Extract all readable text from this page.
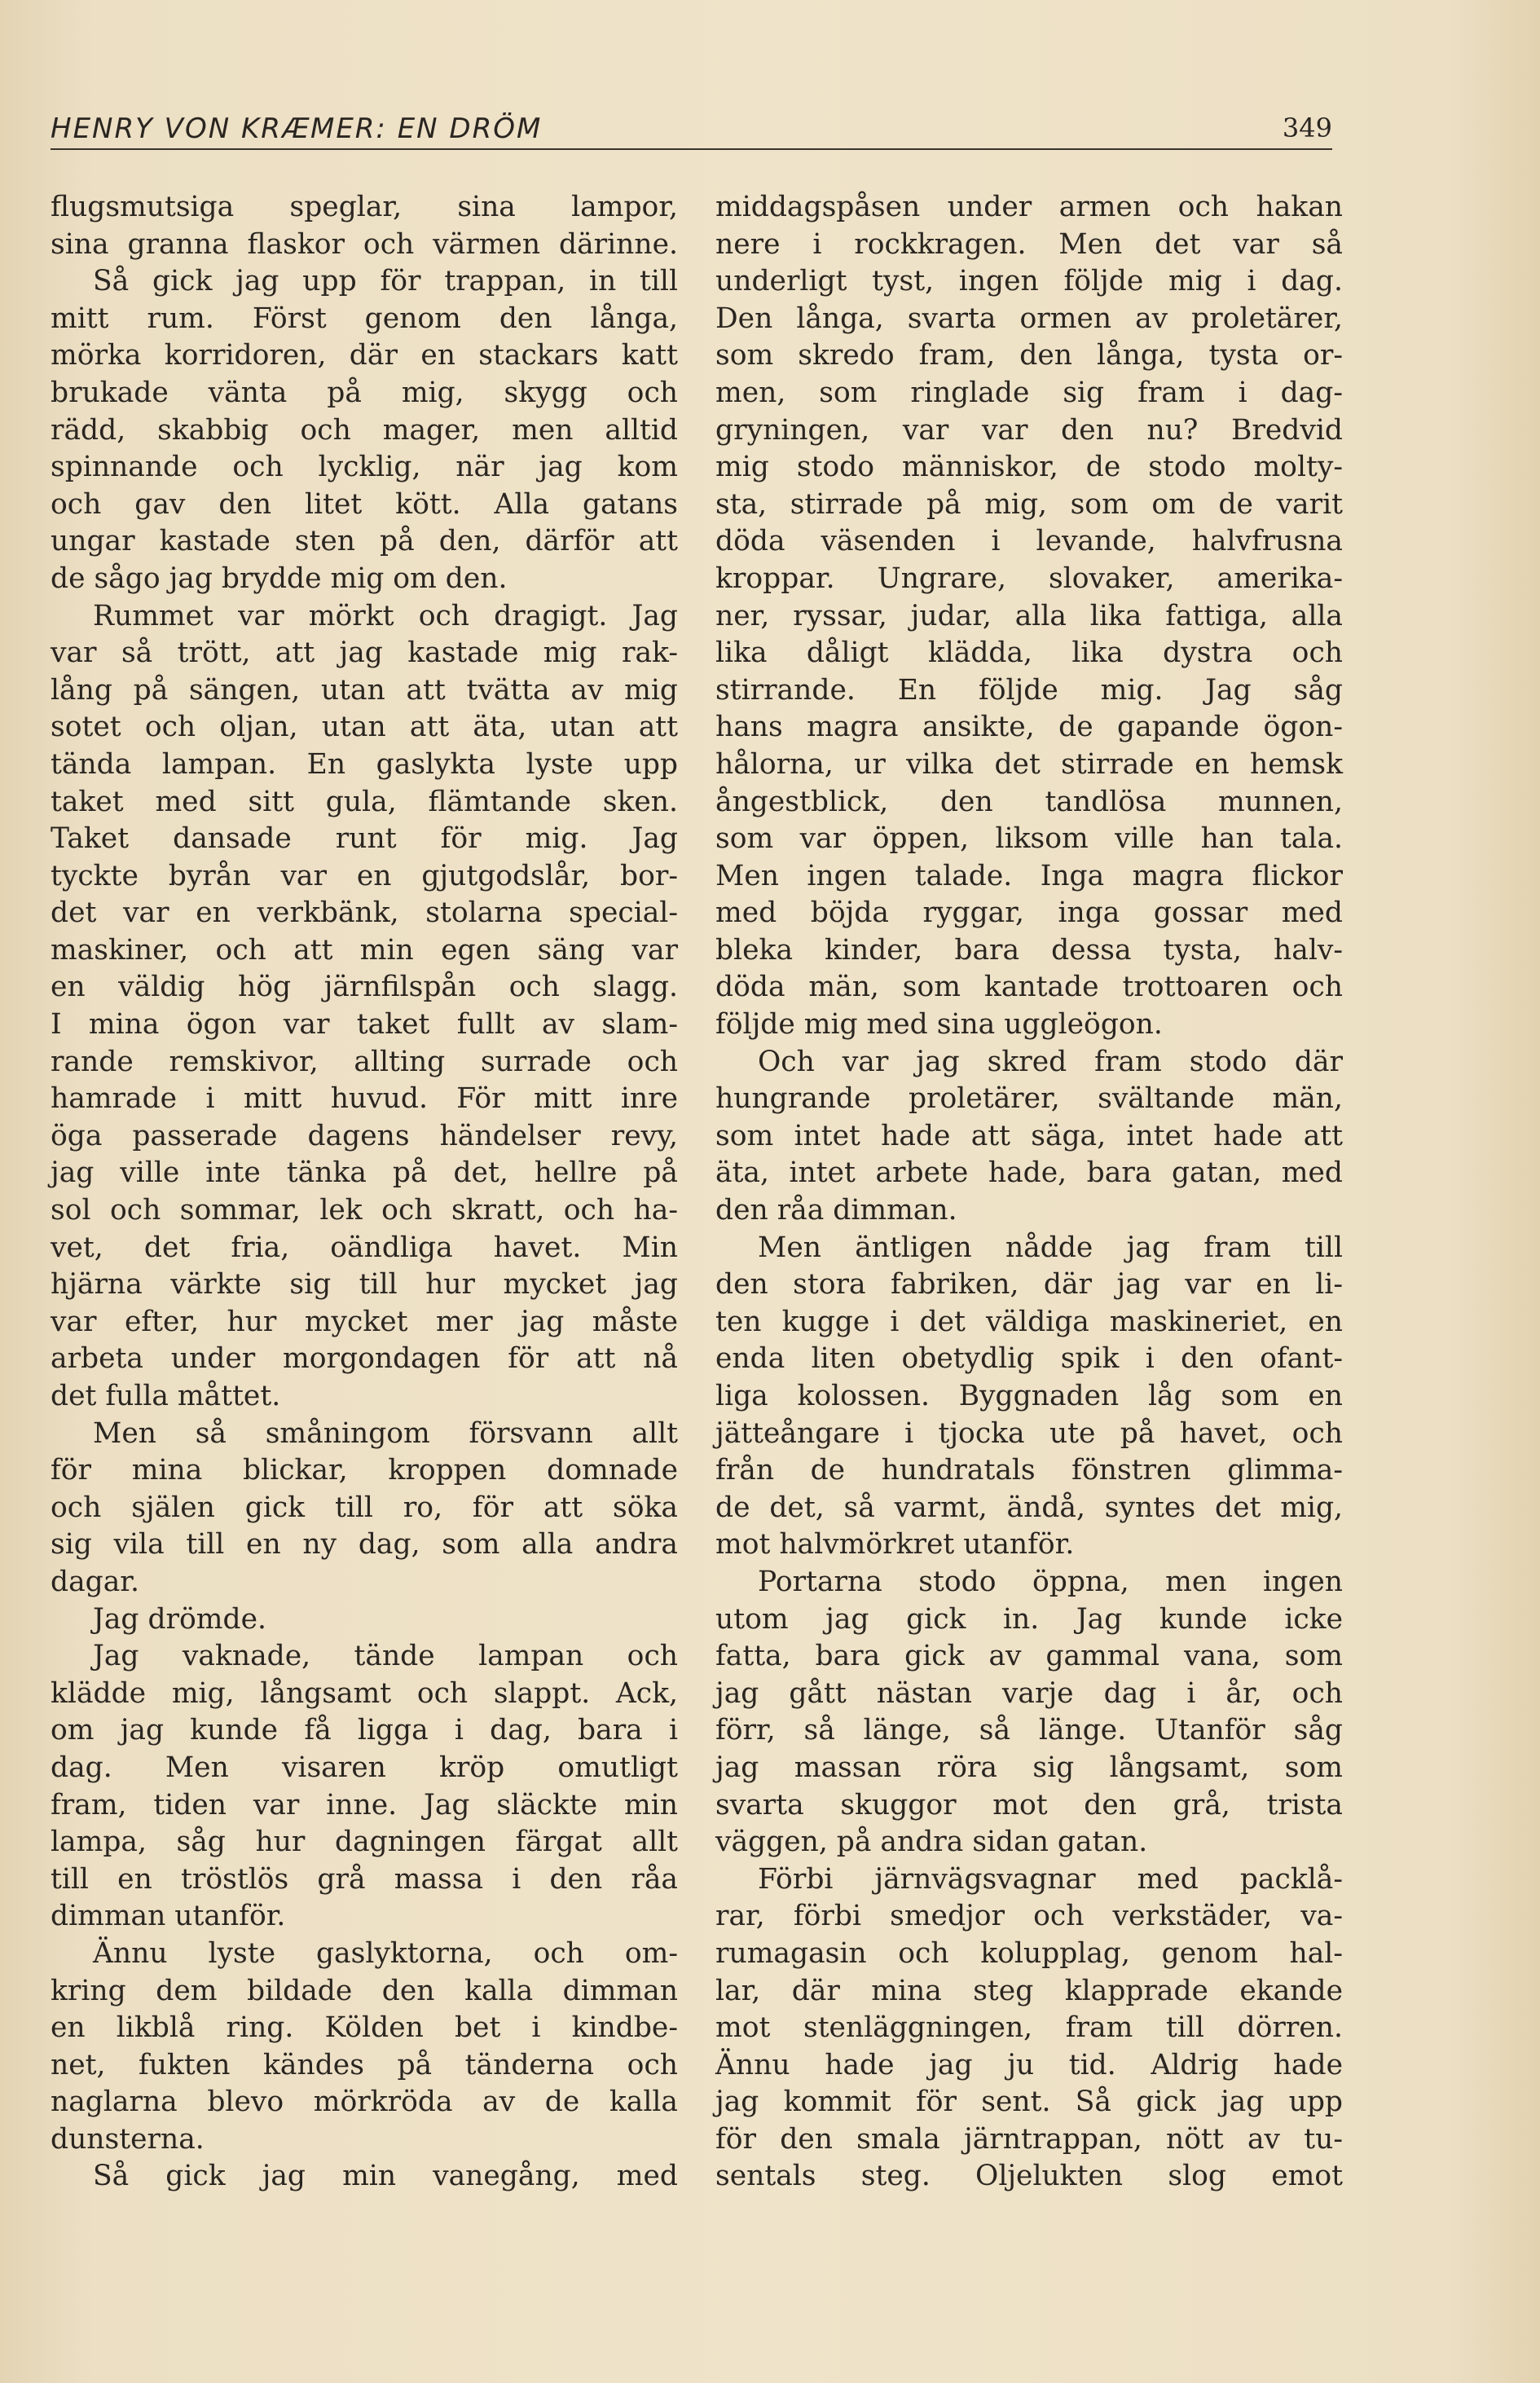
HENRY VON KRÆMER: EN DRÖM	349
flugsmutsiga speglar, sina lampor,
sina granna flaskor och värmen därinne.
Så gick jag upp för trappan, in till
mitt rum. Först genom den långa,
mörka korridoren, där en stackars katt
brukade vänta på mig, skygg och
rädd, skabbig och mager, men alltid
spinnande och lycklig, när jag kom
och gav den litet kött. Alla gatans
ungar kastade sten på den, därför att
de sågo jag brydde mig om den.
Rummet var mörkt och dragigt. Jag
var så trött, att jag kastade mig rak-
lång på sängen, utan att tvätta av mig
sotet och oljan, utan att äta, utan att
tända lampan. En gaslykta lyste upp
taket med sitt gula, flämtande sken.
Taket dansade runt för mig. Jag
tyckte byrån var en gjutgodslår, bor-
det var en verkbänk, stolarna special-
maskiner, och att min egen säng var
en väldig hög järnfilspån och slagg.
I mina ögon var taket fullt av slam-
rande remskivor, allting surrade och
hamrade i mitt huvud. För mitt inre
öga passerade dagens händelser revy,
jag ville inte tänka på det, hellre på
sol och sommar, lek och skratt, och ha-
vet, det fria, oändliga havet. Min
hjärna värkte sig till hur mycket jag
var efter, hur mycket mer jag måste
arbeta under morgondagen för att nå
det fulla måttet.
Men så småningom försvann allt
för mina blickar, kroppen domnade
och själen gick till ro, för att söka
sig vila till en ny dag, som alla andra
dagar.
Jag drömde.
Jag vaknade, tände lampan och
klädde mig, långsamt och slappt. Ack,
om jag kunde få ligga i dag, bara i
dag. Men visaren kröp omutligt
fram, tiden var inne. Jag släckte min
lampa, såg hur dagningen färgat allt
till en tröstlös grå massa i den råa
dimman utanför.
Ännu lyste gaslyktorna, och om-
kring dem bildade den kalla dimman
en likblå ring. Kölden bet i kindbe-
net, fukten kändes på tänderna och
naglarna blevo mörkröda av de kalla
dunsterna.
Så gick jag min vanegång, med
middagspåsen under armen och hakan
nere i rockkragen. Men det var så
underligt tyst, ingen följde mig i dag.
Den långa, svarta ormen av proletärer,
som skredo fram, den långa, tysta or-
men, som ringlade sig fram i dag-
gryningen, var var den nu? Bredvid
mig stodo människor, de stodo molty-
sta, stirrade på mig, som om de varit
döda väsenden i levande, halvfrusna
kroppar. Ungrare, slovaker, amerika-
ner, ryssar, judar, alla lika fattiga, alla
lika dåligt klädda, lika dystra och
stirrande. En följde mig. Jag såg
hans magra ansikte, de gapande ögon-
hålorna, ur vilka det stirrade en hemsk
ångestblick, den tandlösa munnen,
som var öppen, liksom ville han tala.
Men ingen talade. Inga magra flickor
med böjda ryggar, inga gossar med
bleka kinder, bara dessa tysta, halv-
döda män, som kantade trottoaren och
följde mig med sina uggleögon.
Och var jag skred fram stodo där
hungrande proletärer, svältande män,
som intet hade att säga, intet hade att
äta, intet arbete hade, bara gatan, med
den råa dimman.
Men äntligen nådde jag fram till
den stora fabriken, där jag var en li-
ten kugge i det väldiga maskineriet, en
enda liten obetydlig spik i den ofant-
liga kolossen. Byggnaden låg som en
jätteångare i tjocka ute på havet, och
från de hundratals fönstren glimma-
de det, så varmt, ändå, syntes det mig,
mot halvmörkret utanför.
Portarna stodo öppna, men ingen
utom jag gick in. Jag kunde icke
fatta, bara gick av gammal vana, som
jag gått nästan varje dag i år, och
förr, så länge, så länge. Utanför såg
jag massan röra sig långsamt, som
svarta skuggor mot den grå, trista
väggen, på andra sidan gatan.
Förbi järnvägsvagnar med packlå-
rar, förbi smedjor och verkstäder, va-
rumagasin och kolupplag, genom hal-
lar, där mina steg klapprade ekande
mot stenläggningen, fram till dörren.
Ännu hade jag ju tid. Aldrig hade
jag kommit för sent. Så gick jag upp
för den smala järntrappan, nött av tu-
sentals steg. Oljelukten slog emot
